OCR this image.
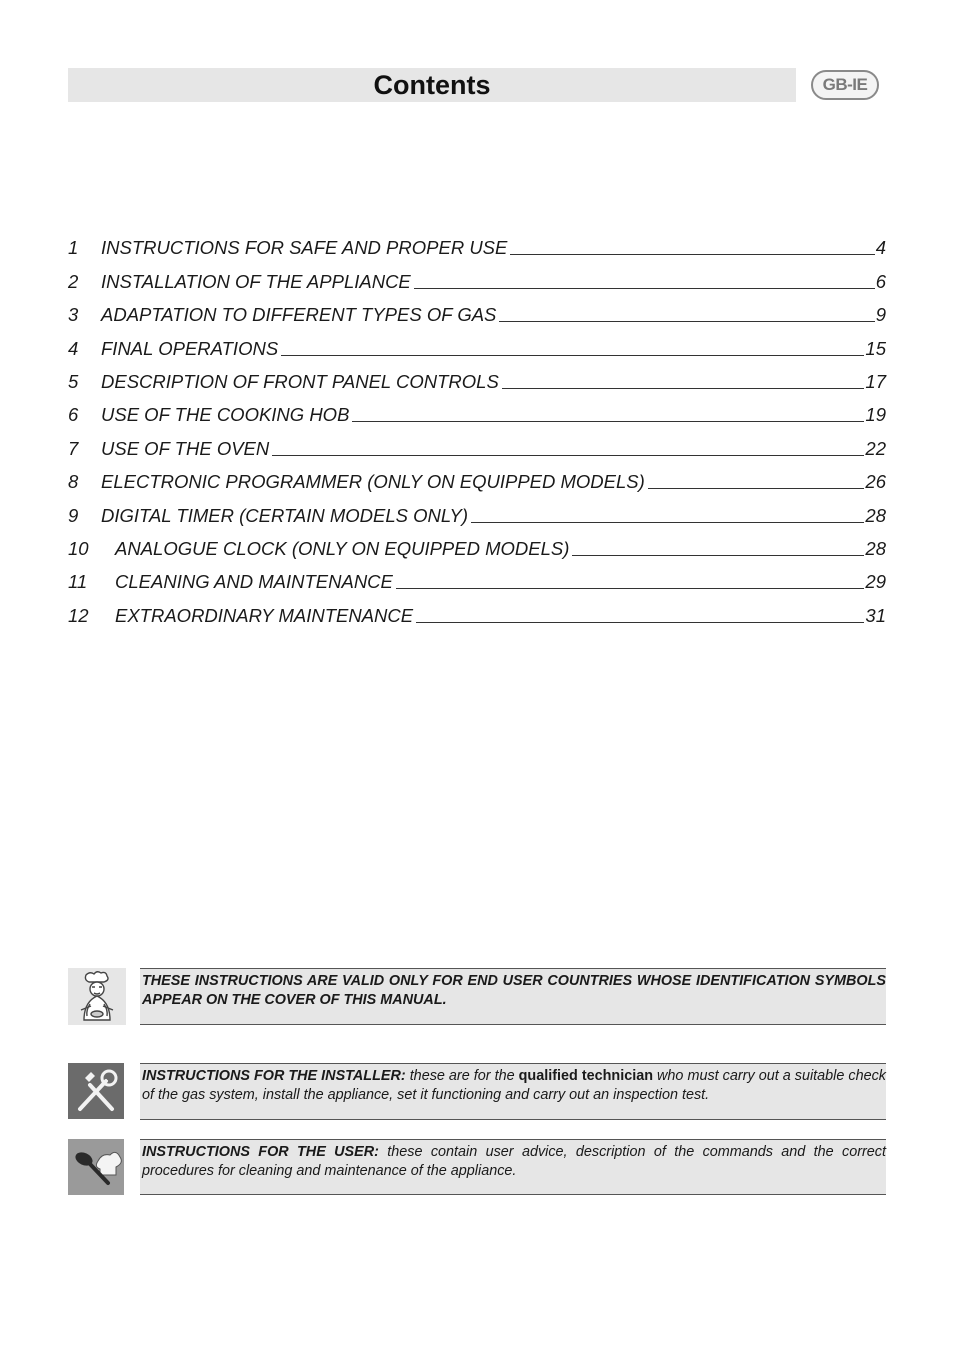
Contents	GB-IE
1	INSTRUCTIONS FOR SAFE AND PROPER USE	4
2	INSTALLATION OF THE APPLIANCE	6
3	ADAPTATION TO DIFFERENT TYPES OF GAS	9
4	FINAL OPERATIONS	15
5	DESCRIPTION OF FRONT PANEL CONTROLS	17
6	USE OF THE COOKING HOB	19
7	USE OF THE OVEN	22
8	ELECTRONIC PROGRAMMER (ONLY ON EQUIPPED MODELS)	26
9	DIGITAL TIMER (CERTAIN MODELS ONLY)	28
10	ANALOGUE CLOCK (ONLY ON EQUIPPED MODELS)	28
11	CLEANING AND MAINTENANCE	29
12	EXTRAORDINARY MAINTENANCE	31
THESE INSTRUCTIONS ARE VALID ONLY FOR END USER COUNTRIES WHOSE IDENTIFICATION SYMBOLS APPEAR ON THE COVER OF THIS MANUAL.
INSTRUCTIONS FOR THE INSTALLER: these are for the qualified technician who must carry out a suitable check of the gas system, install the appliance, set it functioning and carry out an inspection test.
INSTRUCTIONS FOR THE USER: these contain user advice, description of the commands and the correct procedures for cleaning and maintenance of the appliance.
